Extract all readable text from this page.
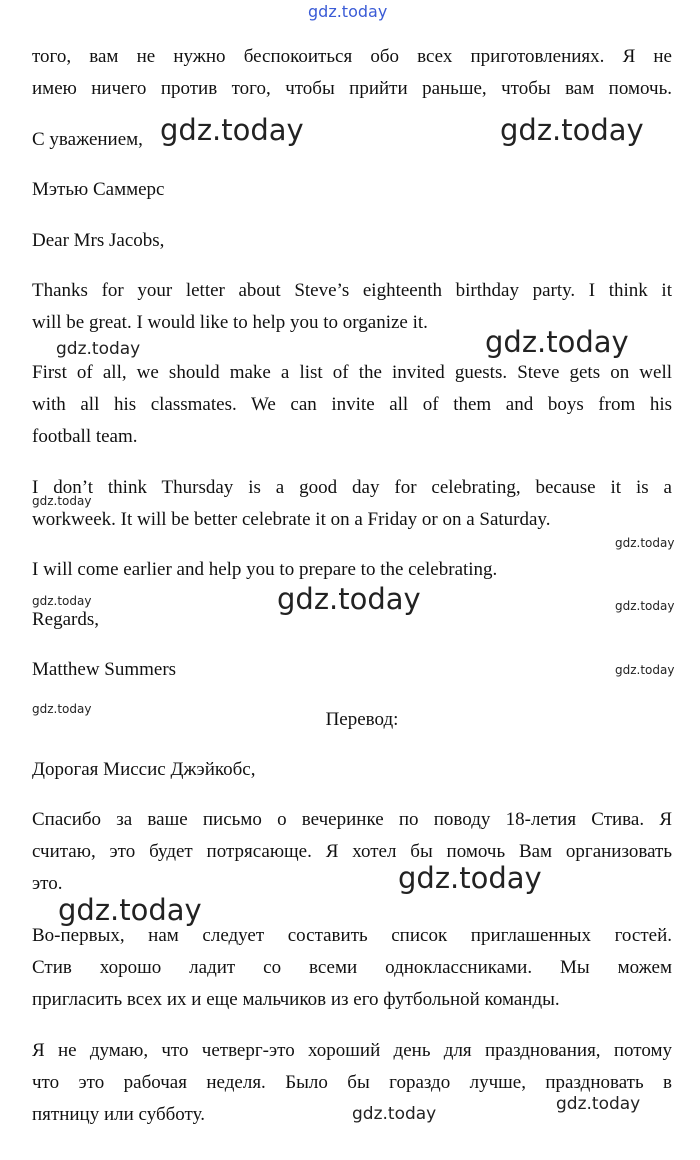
того, вам не нужно беспокоиться обо всех приготовлениях. Я не
имею ничего против того, чтобы прийти раньше, чтобы вам помочь.
С уважением,
Мэтью Саммерс
Dear Mrs Jacobs,
Thanks for your letter about Steve’s eighteenth birthday party. I think it
will be great. I would like to help you to organize it.
First of all, we should make a list of the invited guests. Steve gets on well
with all his classmates. We can invite all of them and boys from his
football team.
I don’t think Thursday is a good day for celebrating, because it is a
workweek. It will be better celebrate it on a Friday or on a Saturday.
I will come earlier and help you to prepare to the celebrating.
Regards,
Matthew Summers
Перевод:
Дорогая Миссис Джэйкобс,
Спасибо за ваше письмо о вечеринке по поводу 18-летия Стива. Я
считаю, это будет потрясающе. Я хотел бы помочь Вам организовать
это.
Во-первых, нам следует составить список приглашенных гостей.
Стив хорошо ладит со всеми одноклассниками. Мы можем
пригласить всех их и еще мальчиков из его футбольной команды.
Я не думаю, что четверг-это хороший день для празднования, потому
что это рабочая неделя. Было бы гораздо лучше, праздновать в
пятницу или субботу.
gdz.today
gdz.today	gdz.today
gdz.today	gdz.today
gdz.today
gdz.today
gdz.today	gdz.today	gdz.today
gdz.today
gdz.today
gdz.today
gdz.today
gdz.today
gdz.today
